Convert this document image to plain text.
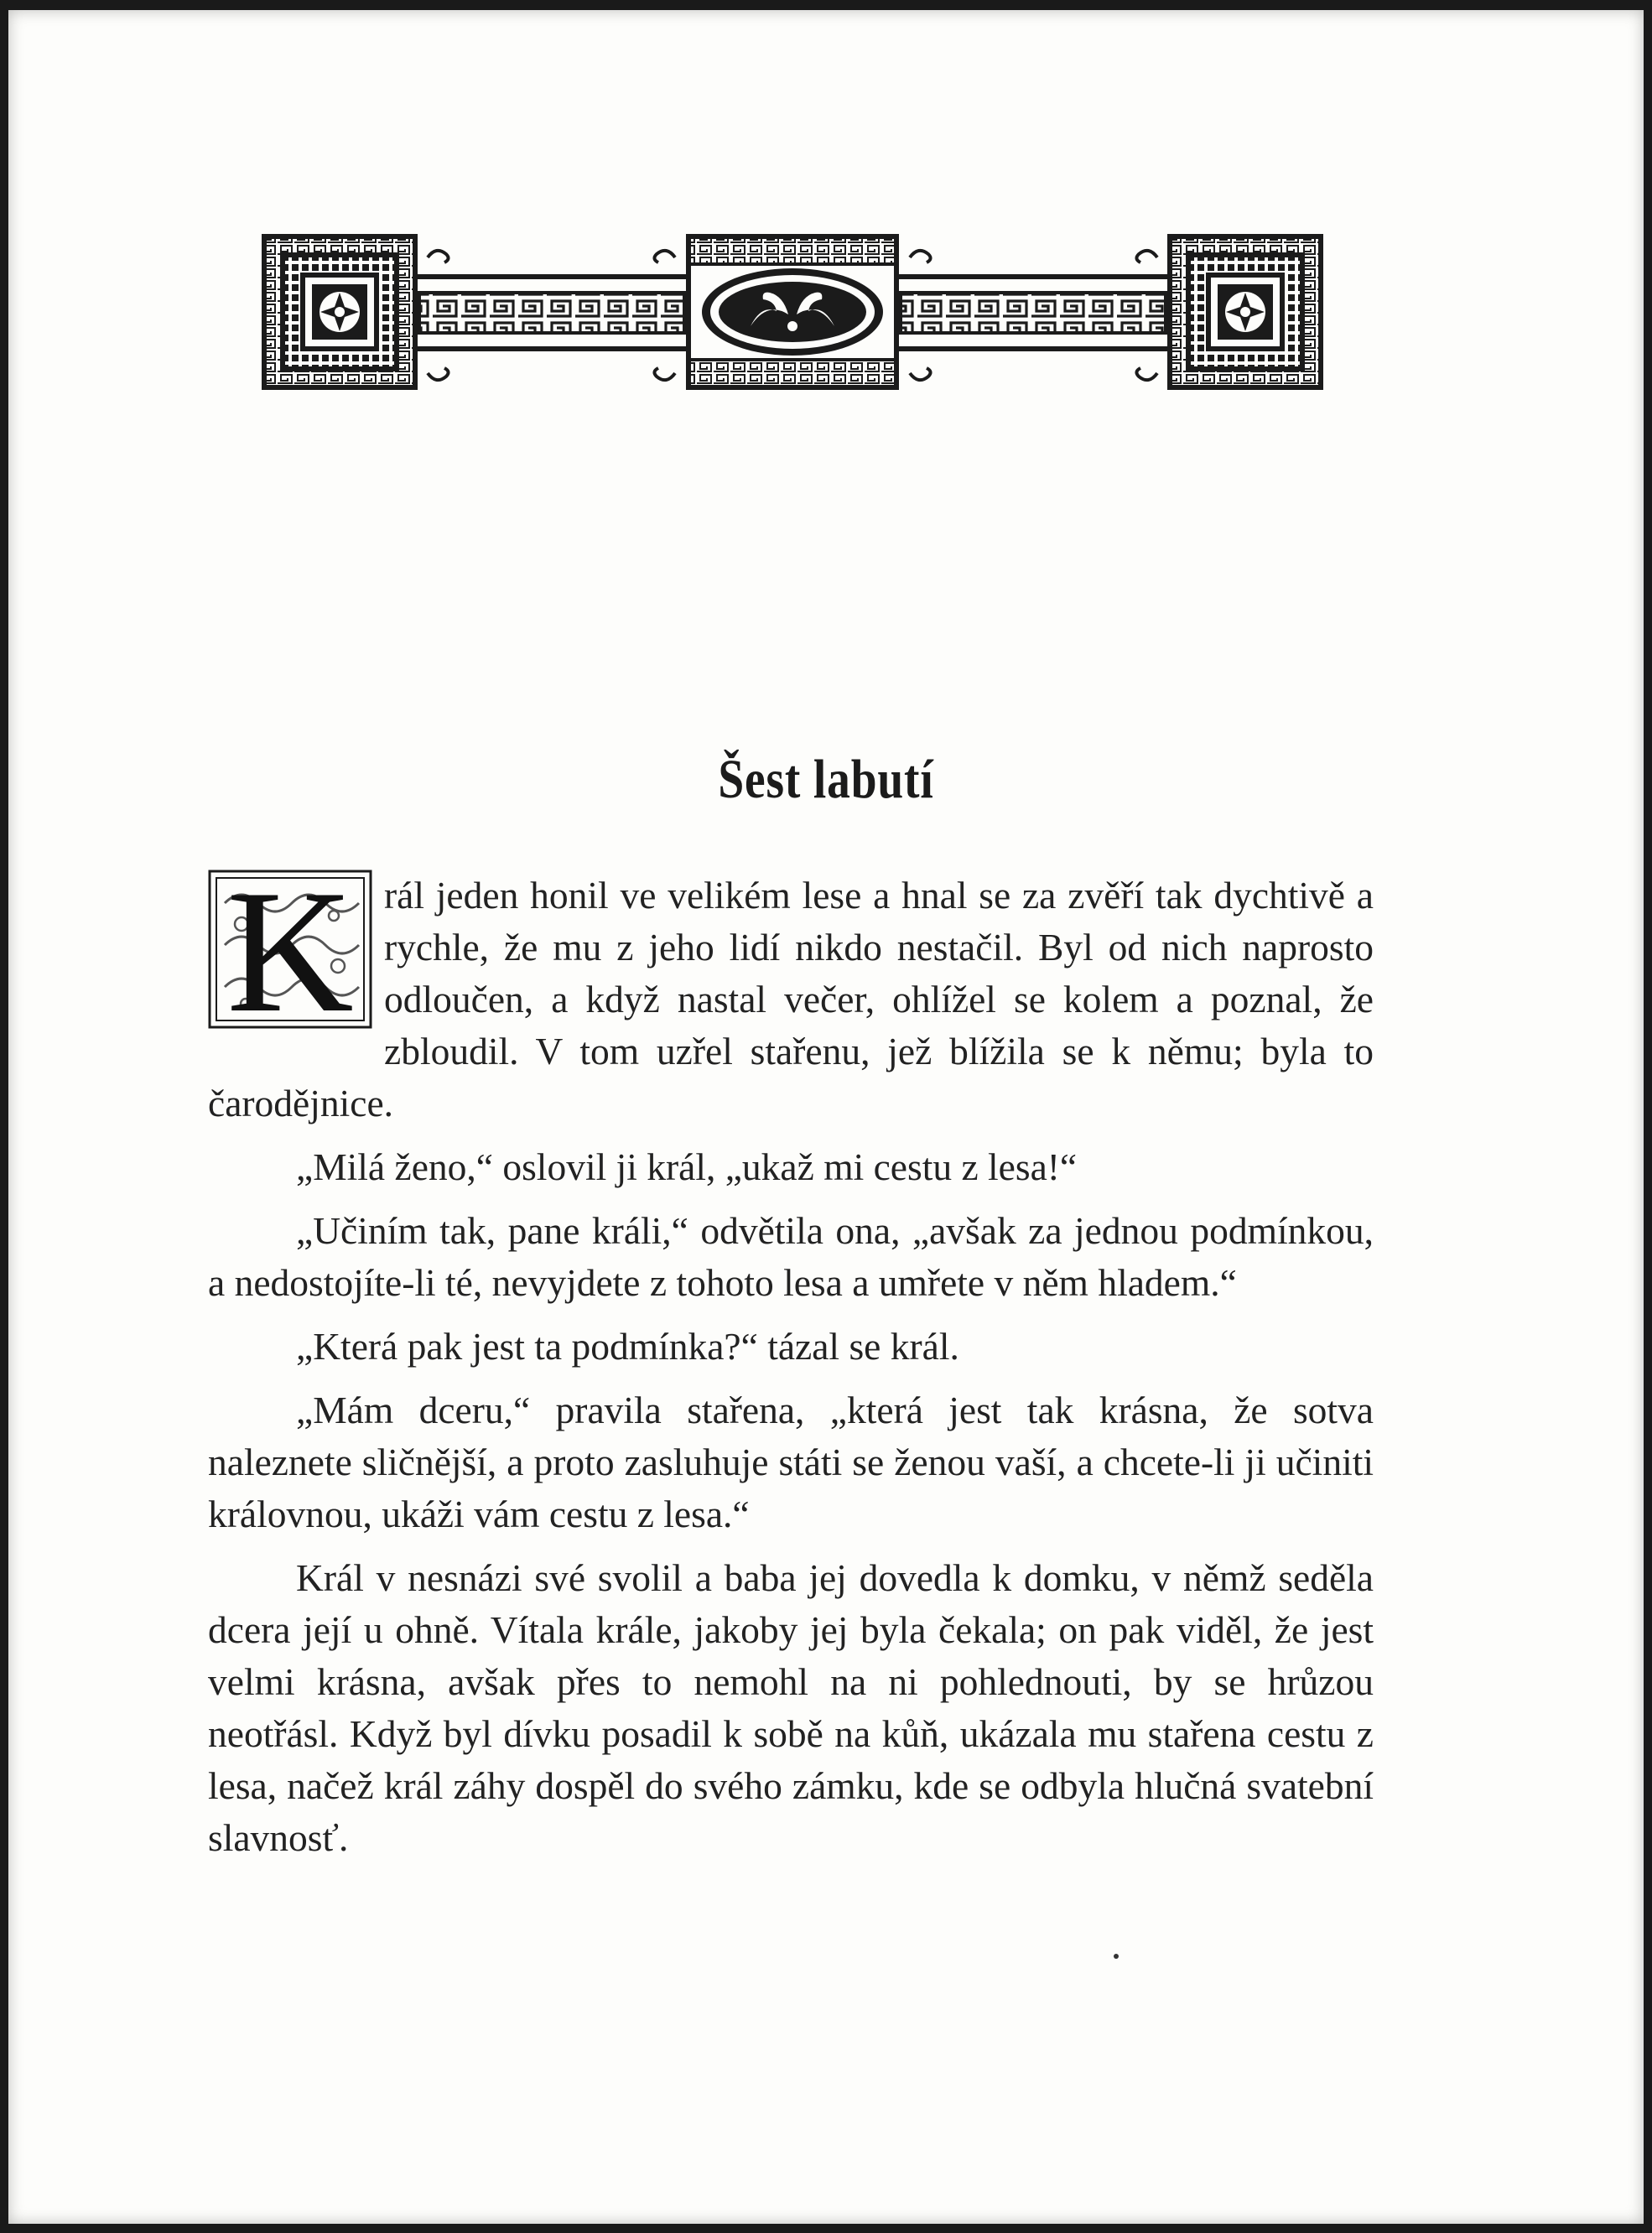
Šest labutí

K rál jeden honil ve velikém lese a hnal se za zvěří tak dychtivě a rychle, že mu z jeho lidí nikdo nestačil. Byl od nich naprosto odloučen, a když nastal večer, ohlížel se kolem a poznal, že zbloudil. V tom uzřel stařenu, jež blížila se k němu; byla to čarodějnice.

„Milá ženo,“ oslovil ji král, „ukaž mi cestu z lesa!“

„Učiním tak, pane králi,“ odvětila ona, „avšak za jednou podmínkou, a nedostojíte-li té, nevyjdete z tohoto lesa a umřete v něm hladem.“

„Která pak jest ta podmínka?“ tázal se král.

„Mám dceru,“ pravila stařena, „která jest tak krásna, že sotva naleznete sličnější, a proto zasluhuje státi se ženou vaší, a chcete-li ji učiniti královnou, ukáži vám cestu z lesa.“

Král v nesnázi své svolil a baba jej dovedla k domku, v němž seděla dcera její u ohně. Vítala krále, jakoby jej byla čekala; on pak viděl, že jest velmi krásna, avšak přes to nemohl na ni pohlednouti, by se hrůzou neotřásl. Když byl dívku posadil k sobě na kůň, ukázala mu stařena cestu z lesa, načež král záhy dospěl do svého zámku, kde se odbyla hlučná svatební slavnosť.
